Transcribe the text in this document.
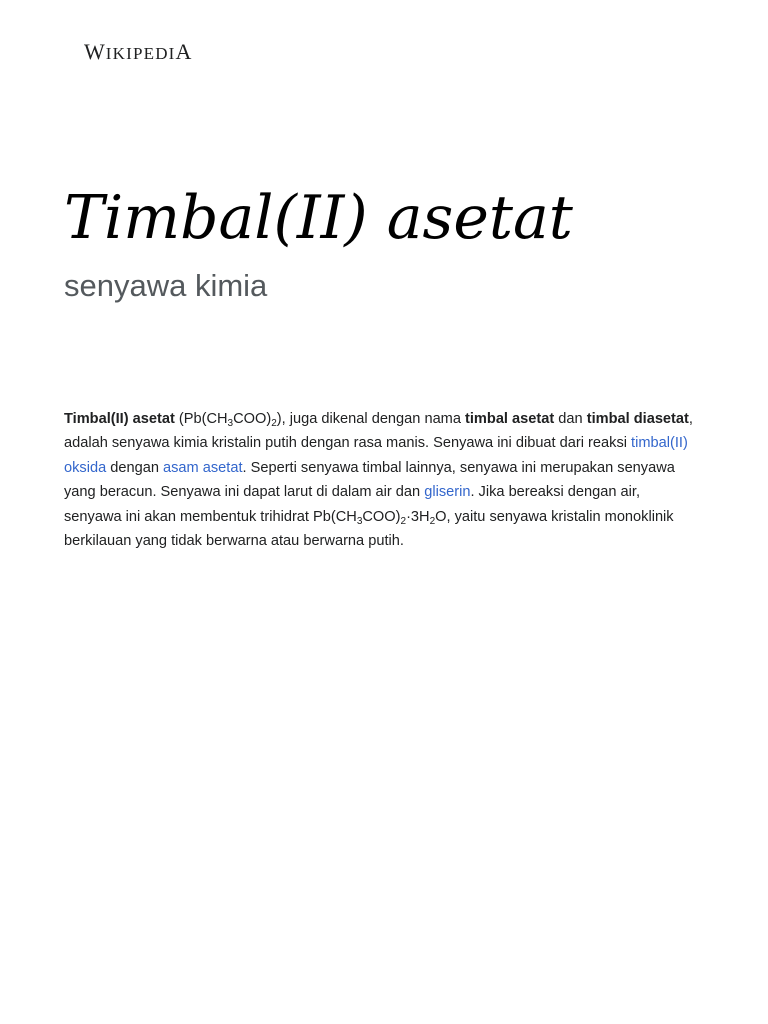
W IKIPEDI A
Timbal(II) asetat
senyawa kimia

Timbal(II) asetat $(Pb(CH_3COO)_2)$, juga dikenal dengan nama timbal asetat dan timbal diasetat, adalah senyawa kimia kristalin putih dengan rasa manis. Senyawa ini dibuat dari reaksi timbal(II) oksida dengan asam asetat. Seperti senyawa timbal lainnya, senyawa ini merupakan senyawa yang beracun. Senyawa ini dapat larut di dalam air dan gliserin. Jika bereaksi dengan air, senyawa ini akan membentuk trihidrat $Pb(CH_3COO)_2\cdot 3H_2O$, yaitu senyawa kristalin monoklinik berkilauan yang tidak berwarna atau berwarna putih.
